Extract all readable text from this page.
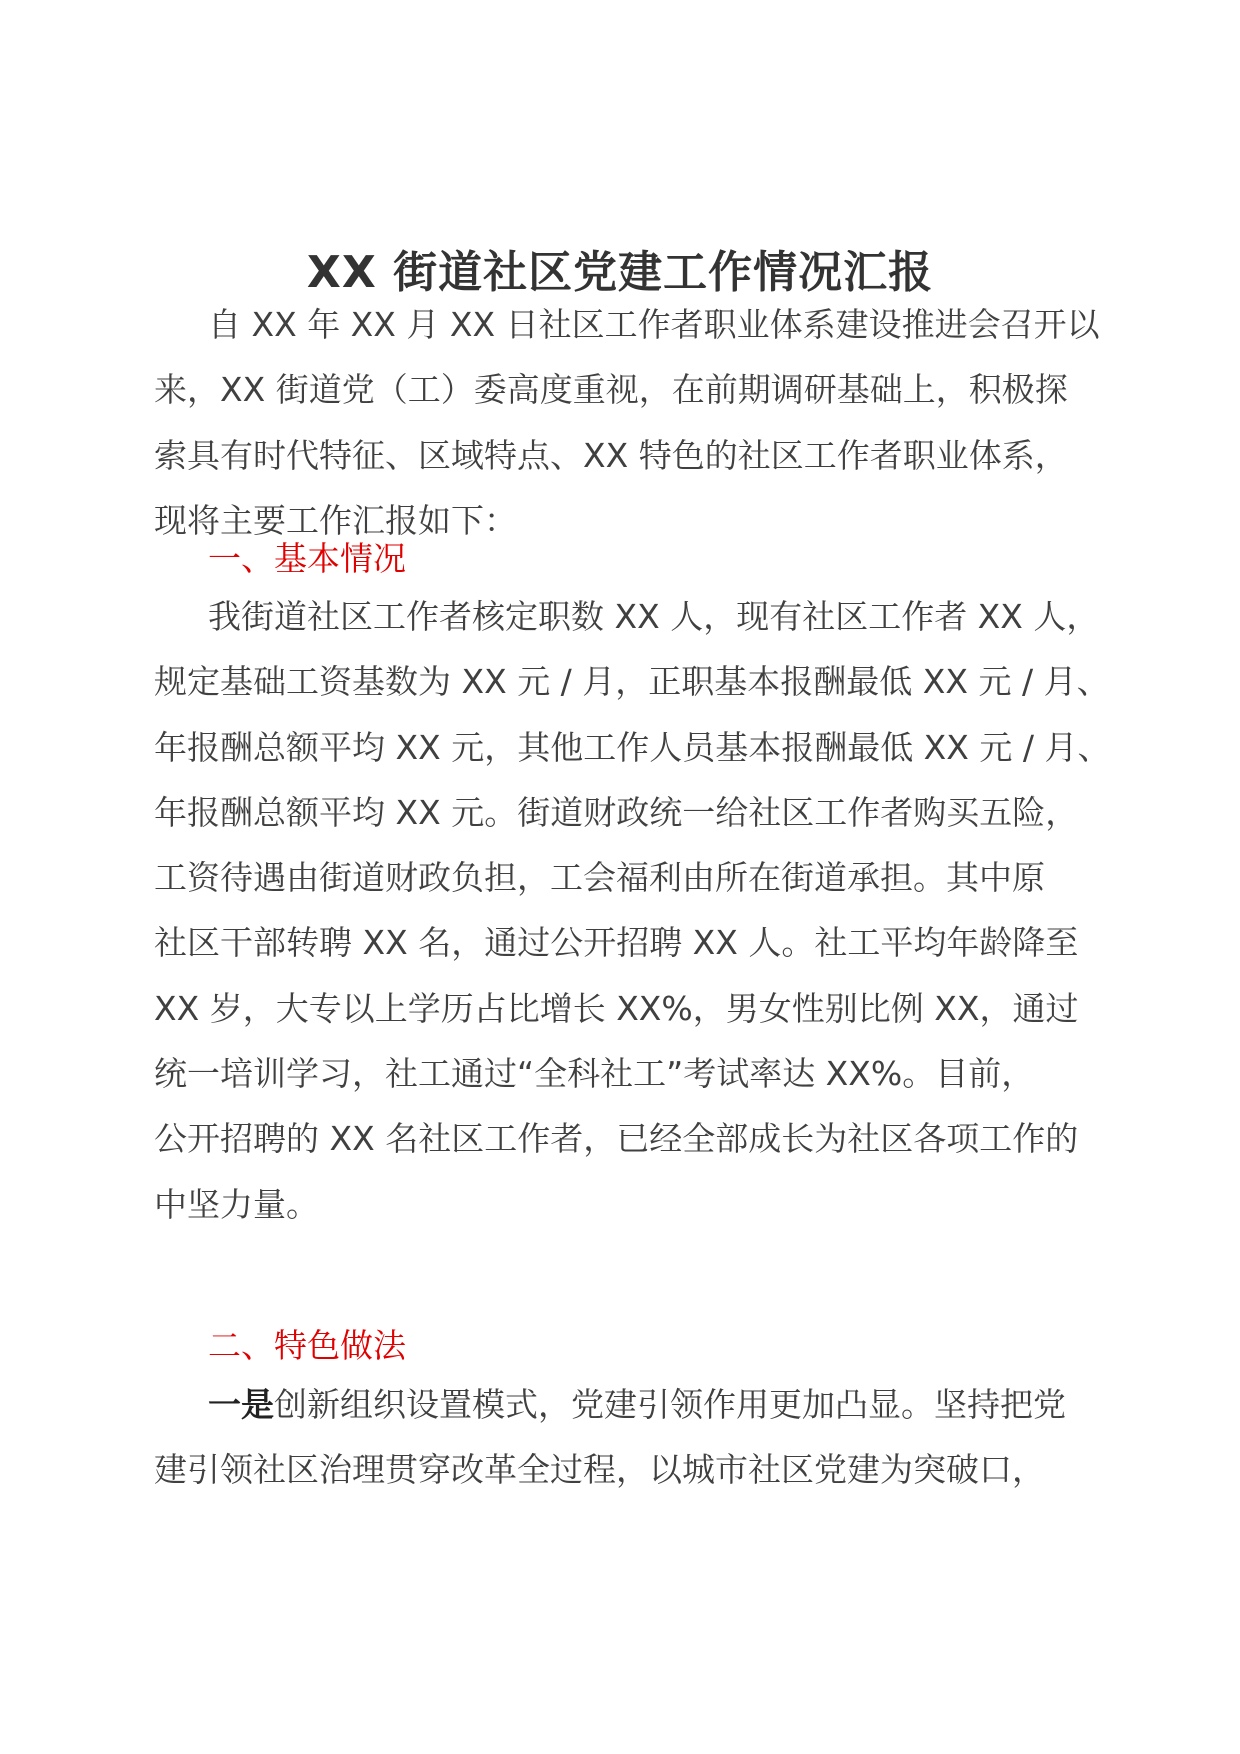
XX 街道社区党建工作情况汇报
自 XX 年 XX 月 XX 日社区工作者职业体系建设推进会召开以
来，XX 街道党（工）委高度重视，在前期调研基础上，积极探
索具有时代特征、区域特点、XX 特色的社区工作者职业体系，
现将主要工作汇报如下：
一、基本情况
我街道社区工作者核定职数 XX 人，现有社区工作者 XX 人，
规定基础工资基数为 XX 元 / 月，正职基本报酬最低 XX 元 / 月、
年报酬总额平均 XX 元，其他工作人员基本报酬最低 XX 元 / 月、
年报酬总额平均 XX 元。街道财政统一给社区工作者购买五险，
工资待遇由街道财政负担，工会福利由所在街道承担。其中原
社区干部转聘 XX 名，通过公开招聘 XX 人。社工平均年龄降至
XX 岁，大专以上学历占比增长 XX%，男女性别比例 XX，通过
统一培训学习，社工通过“全科社工”考试率达 XX%。目前，
公开招聘的 XX 名社区工作者，已经全部成长为社区各项工作的
中坚力量。
二、特色做法
一是创新组织设置模式，党建引领作用更加凸显。坚持把党
建引领社区治理贯穿改革全过程，以城市社区党建为突破口，
